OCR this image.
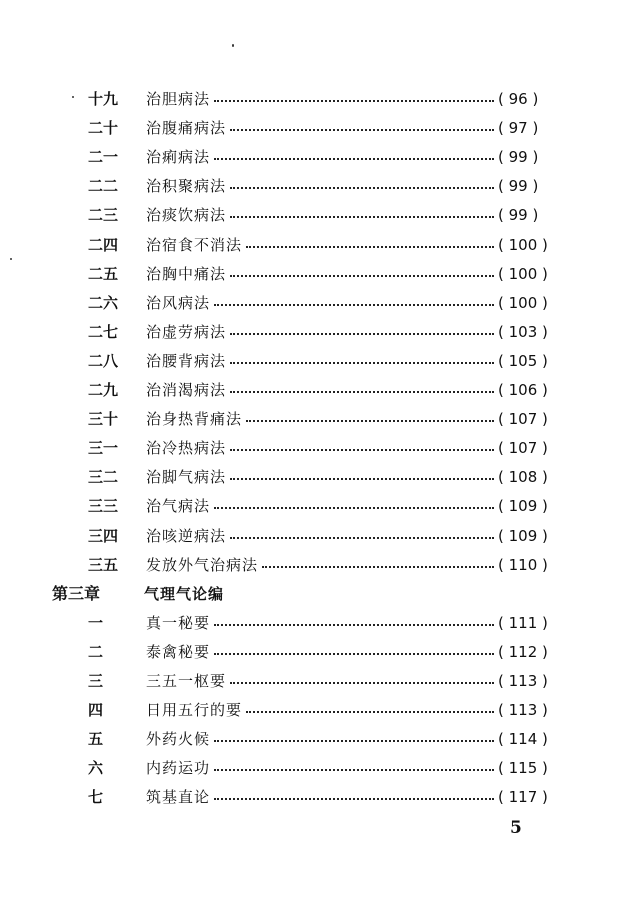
十九 治胆病法	( 96 )
二十 治腹痛病法	( 97 )
二一 治痢病法	( 99 )
二二 治积聚病法	( 99 )
二三 治痰饮病法	( 99 )
二四 治宿食不消法	( 100 )
二五 治胸中痛法	( 100 )
二六 治风病法	( 100 )
二七 治虚劳病法	( 103 )
二八 治腰背病法	( 105 )
二九 治消渴病法	( 106 )
三十 治身热背痛法	( 107 )
三一 治冷热病法	( 107 )
三二 治脚气病法	( 108 )
三三 治气病法	( 109 )
三四 治咳逆病法	( 109 )
三五 发放外气治病法	( 110 )
第三章	气理气论编
一	真一秘要	( 111 )
二	泰禽秘要	( 112 )
三	三五一枢要	( 113 )
四	日用五行的要	( 113 )
五	外药火候	( 114 )
六	内药运功	( 115 )
七	筑基直论	( 117 )
5
